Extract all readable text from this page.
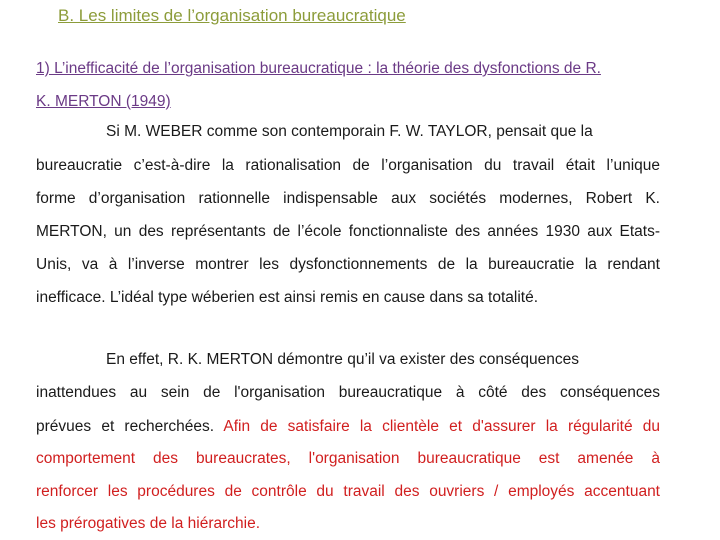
B. Les limites de l’organisation bureaucratique
1) L’inefficacité de l’organisation bureaucratique : la théorie des dysfonctions de R.
K. MERTON (1949)
Si M. WEBER comme son contemporain F. W. TAYLOR, pensait que la
bureaucratie c’est-à-dire la rationalisation de l’organisation du travail était l’unique
forme d’organisation rationnelle indispensable aux sociétés modernes, Robert K.
MERTON, un des représentants de l’école fonctionnaliste des années 1930 aux Etats-
Unis, va à l’inverse montrer les dysfonctionnements de la bureaucratie la rendant
inefficace. L’idéal type wéberien est ainsi remis en cause dans sa totalité.
En effet, R. K. MERTON démontre qu’il va exister des conséquences
inattendues au sein de l'organisation bureaucratique à côté des conséquences
prévues et recherchées. Afin de satisfaire la clientèle et d'assurer la régularité du
comportement des bureaucrates, l'organisation bureaucratique est amenée à
renforcer les procédures de contrôle du travail des ouvriers / employés accentuant
les prérogatives de la hiérarchie.
